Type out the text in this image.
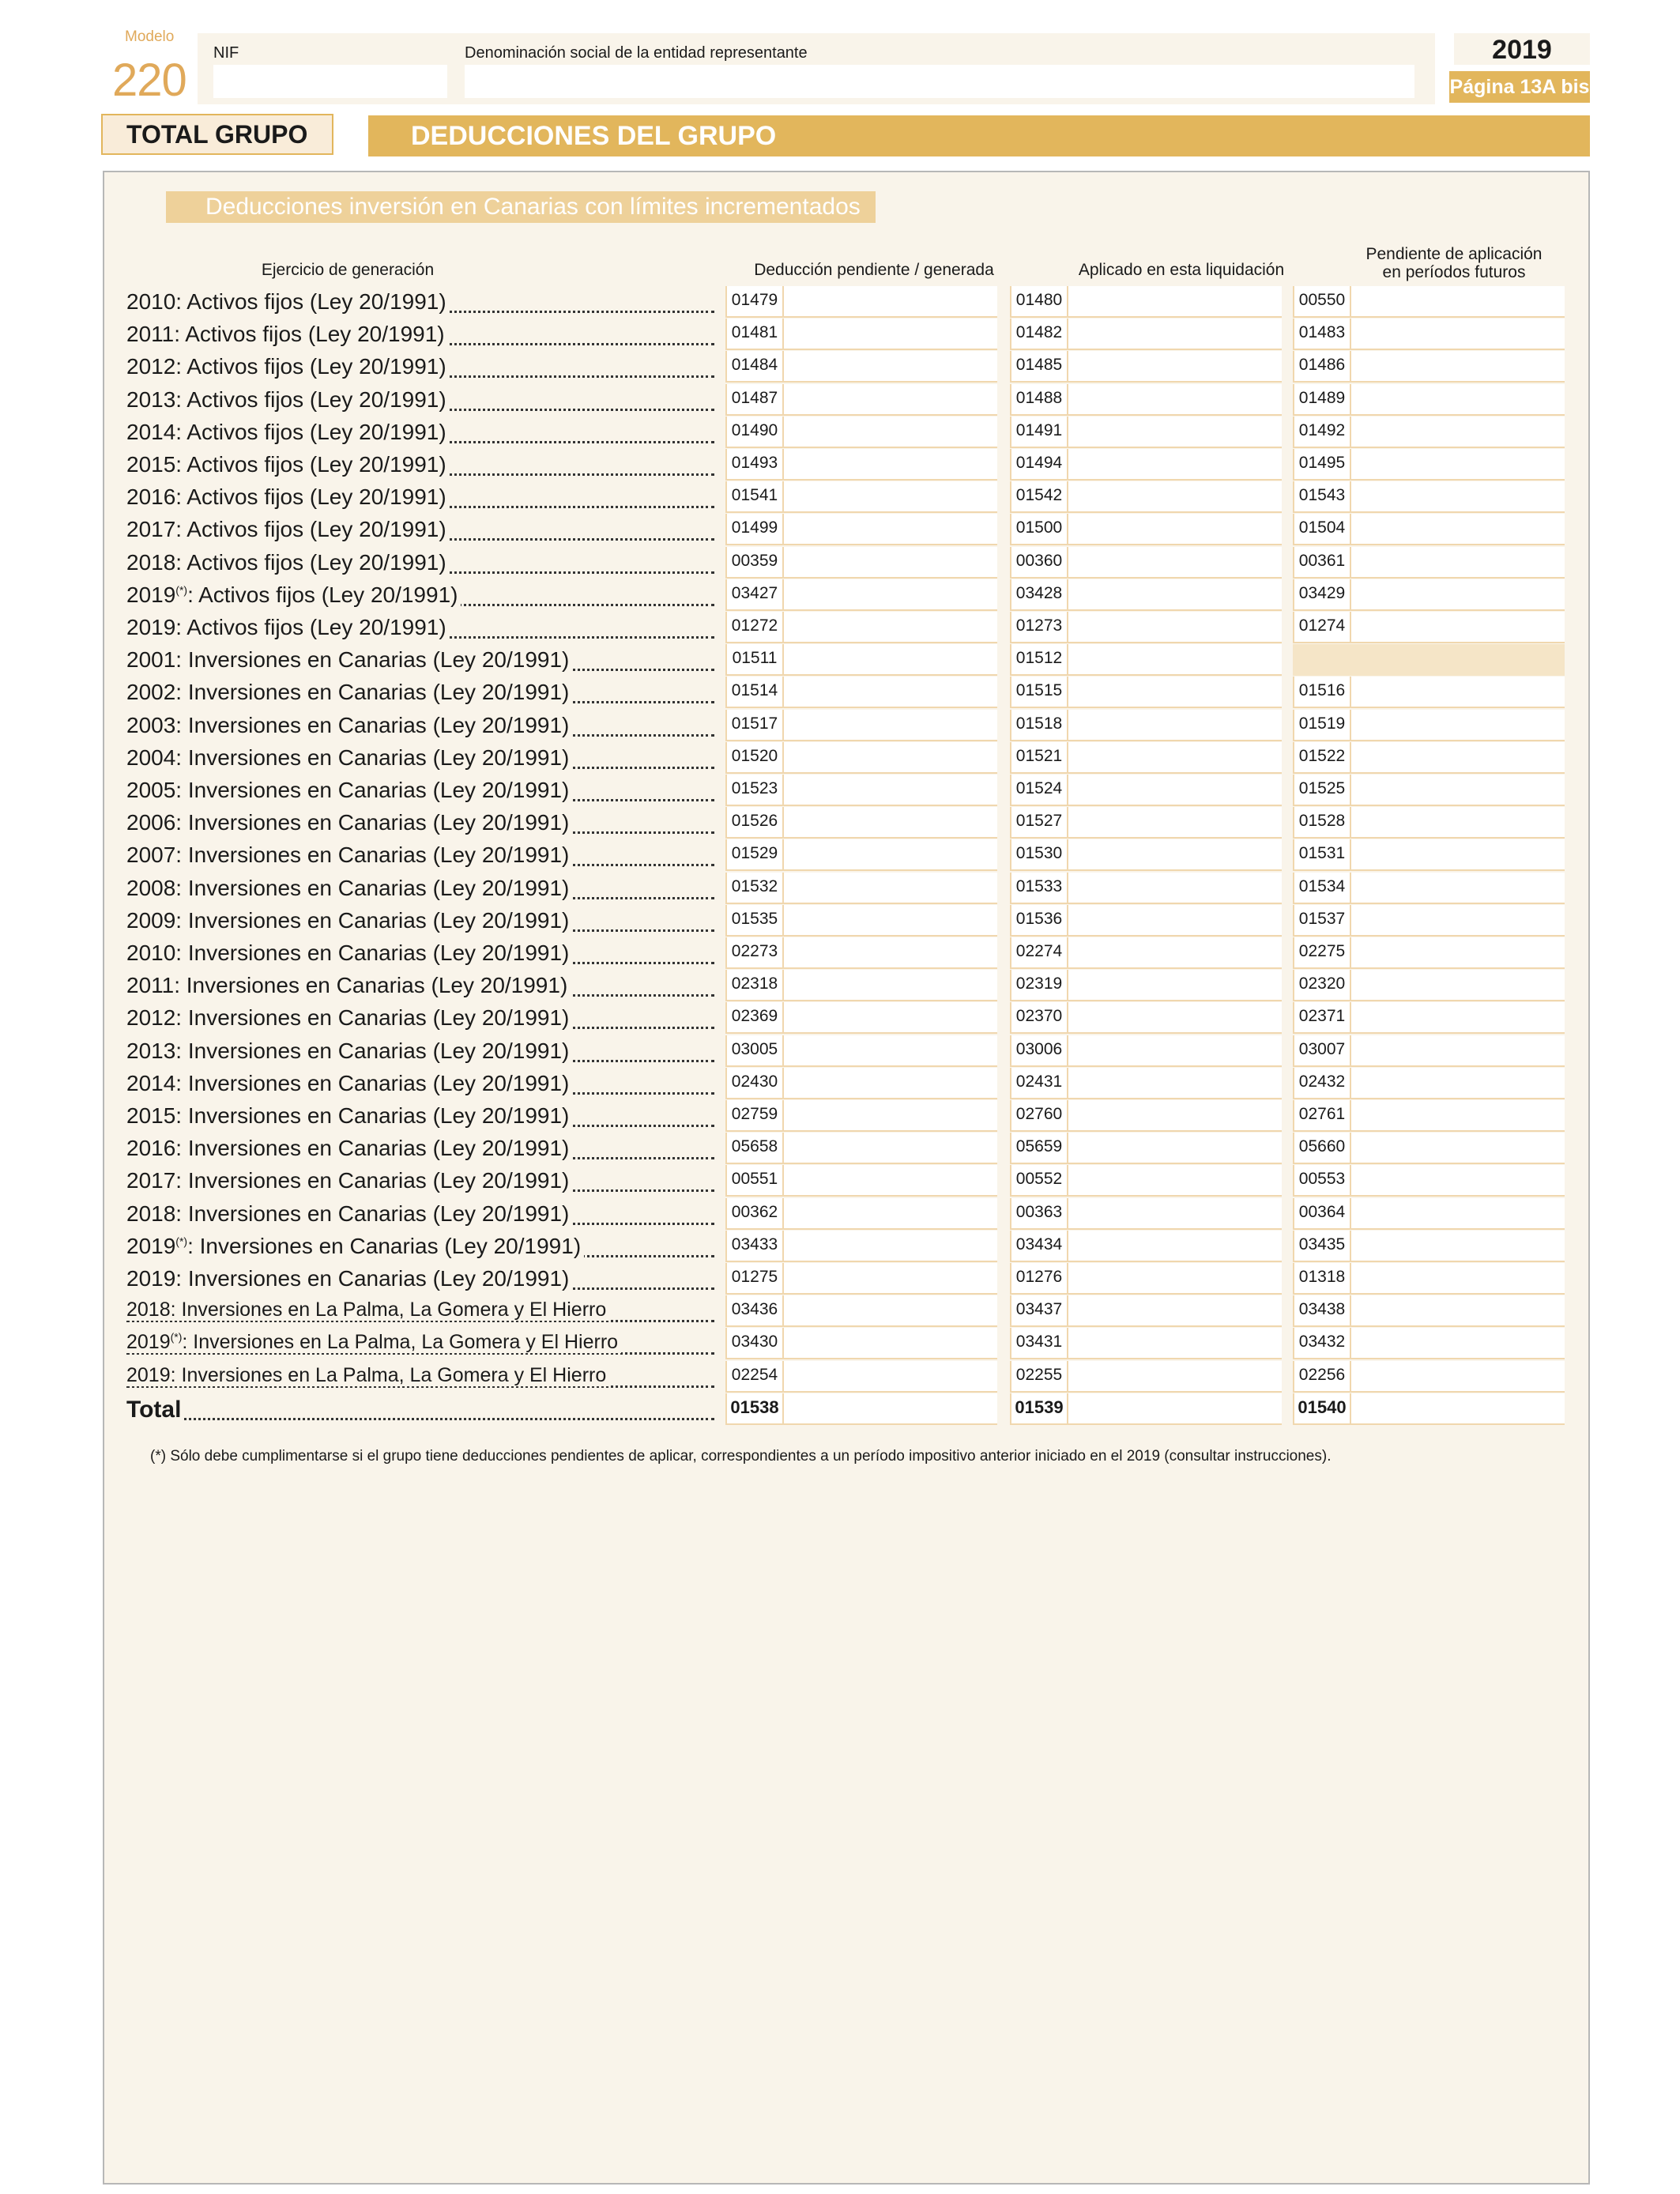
Modelo
220
NIF	Denominación social de la entidad representante	2019
Página 13A bis
TOTAL GRUPO	DEDUCCIONES DEL GRUPO
Deducciones inversión en Canarias con límites incrementados
Ejercicio de generación	Deducción pendiente / generada	Aplicado en esta liquidación
Pendiente de aplicación
en períodos futuros
2010: Activos fijos (Ley 20/1991)	01479	01480	00550
2011: Activos fijos (Ley 20/1991)	01481	01482	01483
2012: Activos fijos (Ley 20/1991)	01484	01485	01486
2013: Activos fijos (Ley 20/1991)	01487	01488	01489
2014: Activos fijos (Ley 20/1991)	01490	01491	01492
2015: Activos fijos (Ley 20/1991)	01493	01494	01495
2016: Activos fijos (Ley 20/1991)	01541	01542	01543
2017: Activos fijos (Ley 20/1991)	01499	01500	01504
2018: Activos fijos (Ley 20/1991)	00359	00360	00361
2019(*): Activos fijos (Ley 20/1991)	03427	03428	03429
2019: Activos fijos (Ley 20/1991)	01272	01273	01274
2001: Inversiones en Canarias (Ley 20/1991)	01511	01512
2002: Inversiones en Canarias (Ley 20/1991)	01514	01515	01516
2003: Inversiones en Canarias (Ley 20/1991)	01517	01518	01519
2004: Inversiones en Canarias (Ley 20/1991)	01520	01521	01522
2005: Inversiones en Canarias (Ley 20/1991)	01523	01524	01525
2006: Inversiones en Canarias (Ley 20/1991)	01526	01527	01528
2007: Inversiones en Canarias (Ley 20/1991)	01529	01530	01531
2008: Inversiones en Canarias (Ley 20/1991)	01532	01533	01534
2009: Inversiones en Canarias (Ley 20/1991)	01535	01536	01537
2010: Inversiones en Canarias (Ley 20/1991)	02273	02274	02275
2011: Inversiones en Canarias (Ley 20/1991)	02318	02319	02320
2012: Inversiones en Canarias (Ley 20/1991)	02369	02370	02371
2013: Inversiones en Canarias (Ley 20/1991)	03005	03006	03007
2014: Inversiones en Canarias (Ley 20/1991)	02430	02431	02432
2015: Inversiones en Canarias (Ley 20/1991)	02759	02760	02761
2016: Inversiones en Canarias (Ley 20/1991)	05658	05659	05660
2017: Inversiones en Canarias (Ley 20/1991)	00551	00552	00553
2018: Inversiones en Canarias (Ley 20/1991)	00362	00363	00364
2019(*): Inversiones en Canarias (Ley 20/1991)	03433	03434	03435
2019: Inversiones en Canarias (Ley 20/1991)	01275	01276	01318
2018: Inversiones en La Palma, La Gomera y El Hierro	03436	03437	03438
2019(*): Inversiones en La Palma, La Gomera y El Hierro	03430	03431	03432
2019: Inversiones en La Palma, La Gomera y El Hierro	02254	02255	02256
Total	01538	01539	01540
(*) Sólo debe cumplimentarse si el grupo tiene deducciones pendientes de aplicar, correspondientes a un período impositivo anterior iniciado en el 2019 (consultar instrucciones).
